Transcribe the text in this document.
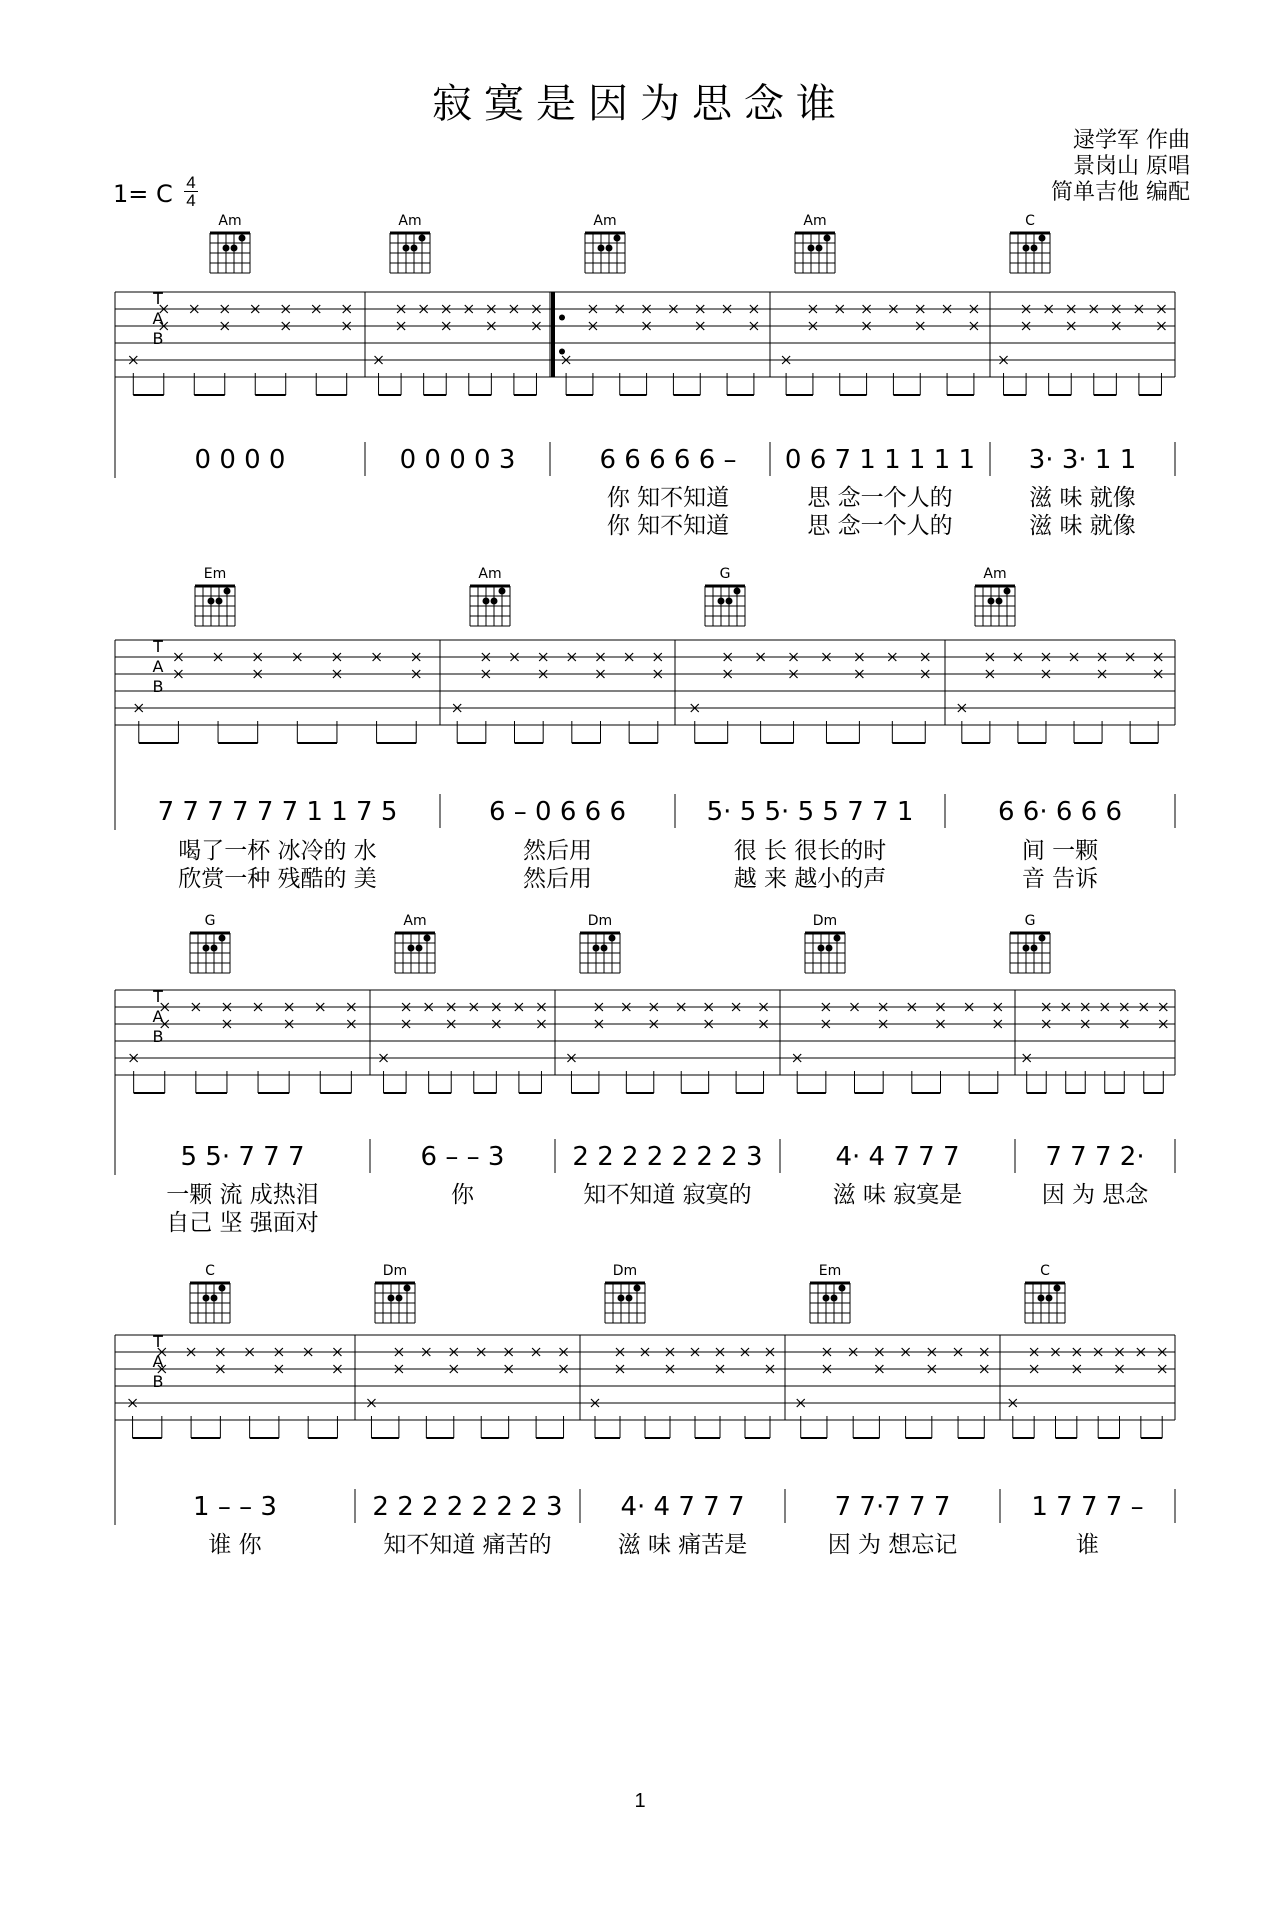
寂寞是因为思念谁
逯学军 作曲
景岗山 原唱
简单吉他 编配
1= C 4
4
T
A
B
Am	Am	Am	Am	C
0 0 0 0	0 0 0 0 3	6 6 6 6 6 –
你 知不知道
你 知不知道
0 6 7 1 1 1 1 1
思 念一个人的
思 念一个人的
3· 3· 1 1
滋 味 就像
滋 味 就像
T
A
B
Em	Am	G	Am
7 7 7 7 7 7 1 1 7 5
喝了一杯 冰冷的 水
欣赏一种 残酷的 美
6 – 0 6 6 6
然后用
然后用
5· 5 5· 5 5 7 7 1
很 长 很长的时
越 来 越小的声
6 6· 6 6 6
间 一颗
音 告诉
T
A
B
G	Am	Dm	Dm	G
5 5· 7 7 7
一颗 流 成热泪
自己 坚 强面对
6 – – 3
你
2 2 2 2 2 2 2 3
知不知道 寂寞的
4· 4 7 7 7
滋 味 寂寞是
7 7 7 2·
因 为 思念
T
A
B
C	Dm	Dm	Em	C
1 – – 3
谁 你
2 2 2 2 2 2 2 3
知不知道 痛苦的
4· 4 7 7 7
滋 味 痛苦是
7 7·7 7 7
因 为 想忘记
1 7 7 7 –
谁
1
